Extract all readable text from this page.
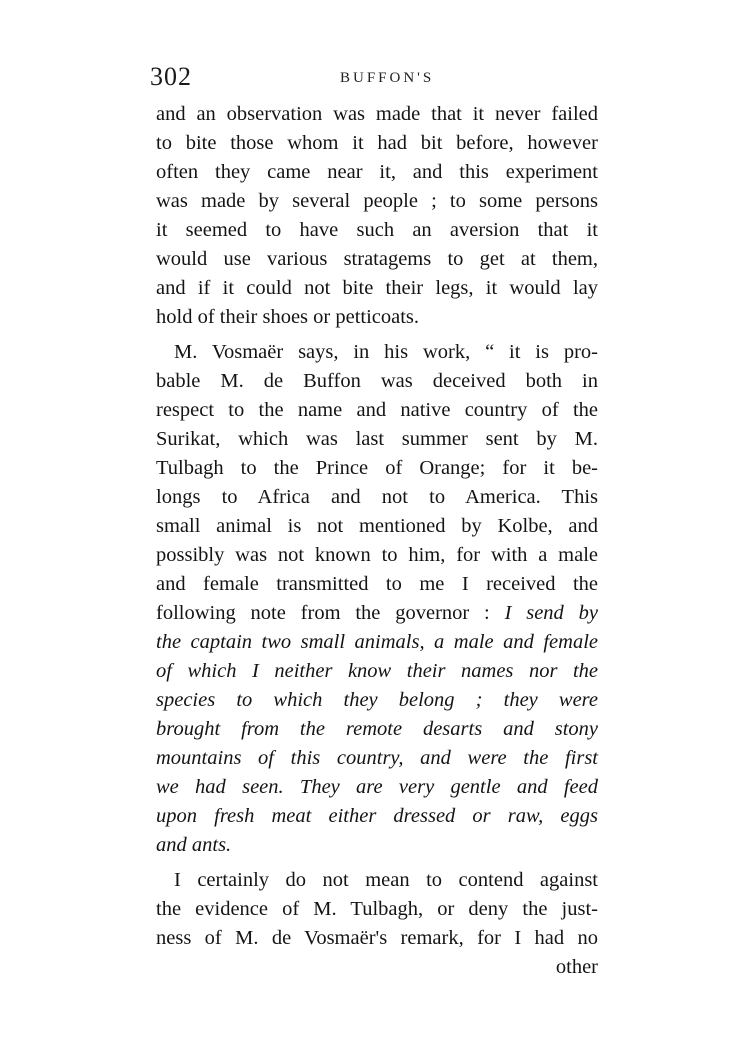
302	BUFFON'S
and an observation was made that it never failed
to bite those whom it had bit before, however
often they came near it, and this experiment
was made by several people ; to some persons
it seemed to have such an aversion that it
would use various stratagems to get at them,
and if it could not bite their legs, it would lay
hold of their shoes or petticoats.
M. Vosmaër says, in his work, “ it is pro-
bable M. de Buffon was deceived both in
respect to the name and native country of the
Surikat, which was last summer sent by M.
Tulbagh to the Prince of Orange; for it be-
longs to Africa and not to America. This
small animal is not mentioned by Kolbe, and
possibly was not known to him, for with a male
and female transmitted to me I received the
following note from the governor : I send by
the captain two small animals, a male and female
of which I neither know their names nor the
species to which they belong ; they were
brought from the remote desarts and stony
mountains of this country, and were the first
we had seen. They are very gentle and feed
upon fresh meat either dressed or raw, eggs
and ants.
I certainly do not mean to contend against
the evidence of M. Tulbagh, or deny the just-
ness of M. de Vosmaër's remark, for I had no
other
